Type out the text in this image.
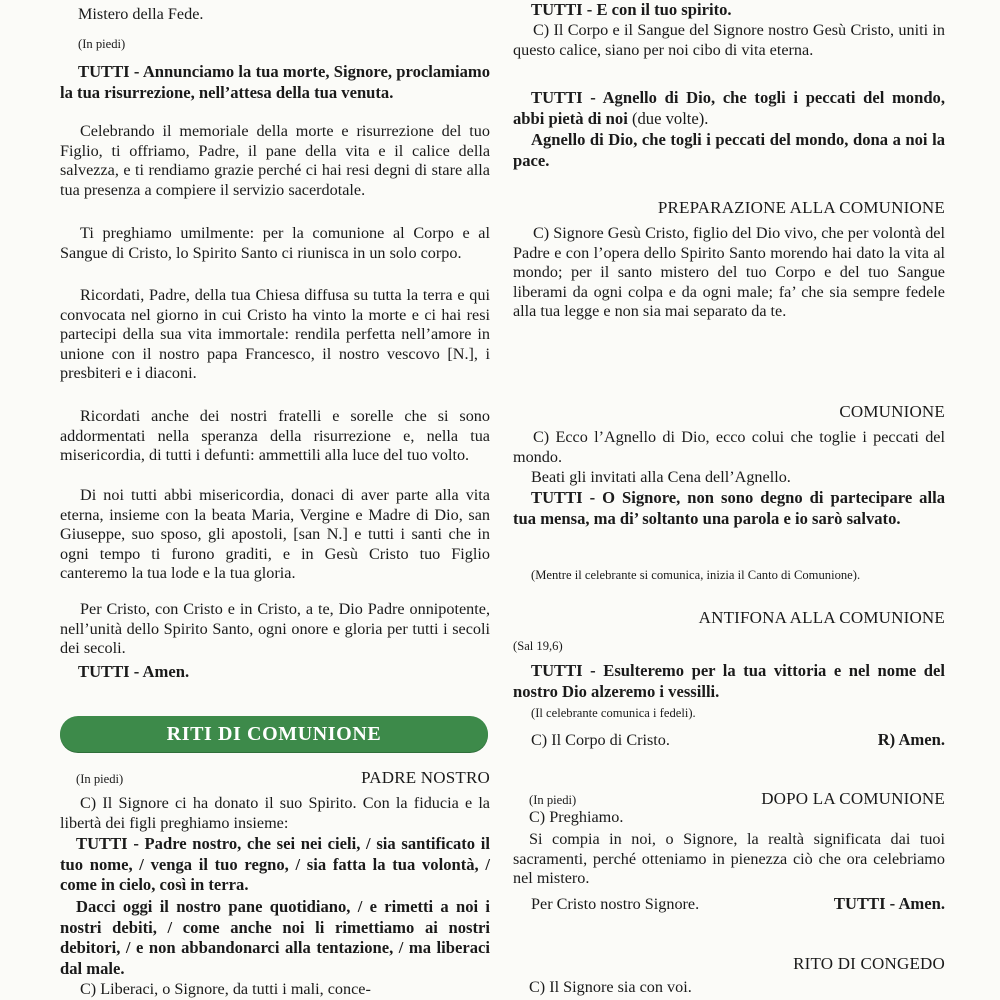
Mistero della Fede.

(In piedi)

TUTTI - Annunciamo la tua morte, Signore, proclamiamo la tua risurrezione, nell’attesa della tua venuta.

Celebrando il memoriale della morte e risurrezione del tuo Figlio, ti offriamo, Padre, il pane della vita e il calice della salvezza, e ti rendiamo grazie perché ci hai resi degni di stare alla tua presenza a compiere il servizio sacerdotale.

Ti preghiamo umilmente: per la comunione al Corpo e al Sangue di Cristo, lo Spirito Santo ci riunisca in un solo corpo.

Ricordati, Padre, della tua Chiesa diffusa su tutta la terra e qui convocata nel giorno in cui Cristo ha vinto la morte e ci hai resi partecipi della sua vita immortale: rendila perfetta nell’amore in unione con il nostro papa Francesco, il nostro vescovo [N.], i presbiteri e i diaconi.

Ricordati anche dei nostri fratelli e sorelle che si sono addormentati nella speranza della risurrezione e, nella tua misericordia, di tutti i defunti: ammettili alla luce del tuo volto.

Di noi tutti abbi misericordia, donaci di aver parte alla vita eterna, insieme con la beata Maria, Vergine e Madre di Dio, san Giuseppe, suo sposo, gli apostoli, [san N.] e tutti i santi che in ogni tempo ti furono graditi, e in Gesù Cristo tuo Figlio canteremo la tua lode e la tua gloria.

Per Cristo, con Cristo e in Cristo, a te, Dio Padre onnipotente, nell’unità dello Spirito Santo, ogni onore e gloria per tutti i secoli dei secoli.

TUTTI - Amen.

RITI DI COMUNIONE
(In piedi)	PADRE NOSTRO

C) Il Signore ci ha donato il suo Spirito. Con la fiducia e la libertà dei figli preghiamo insieme:

TUTTI - Padre nostro, che sei nei cieli, / sia santificato il tuo nome, / venga il tuo regno, / sia fatta la tua volontà, / come in cielo, così in terra.

Dacci oggi il nostro pane quotidiano, / e rimetti a noi i nostri debiti, / come anche noi li rimettiamo ai nostri debitori, / e non abbandonarci alla tentazione, / ma liberaci dal male.

C) Liberaci, o Signore, da tutti i mali, conce-

TUTTI - E con il tuo spirito.

C) Il Corpo e il Sangue del Signore nostro Gesù Cristo, uniti in questo calice, siano per noi cibo di vita eterna.

TUTTI - Agnello di Dio, che togli i peccati del mondo, abbi pietà di noi (due volte).

Agnello di Dio, che togli i peccati del mondo, dona a noi la pace.

PREPARAZIONE ALLA COMUNIONE

C) Signore Gesù Cristo, figlio del Dio vivo, che per volontà del Padre e con l’opera dello Spirito Santo morendo hai dato la vita al mondo; per il santo mistero del tuo Corpo e del tuo Sangue liberami da ogni colpa e da ogni male; fa’ che sia sempre fedele alla tua legge e non sia mai separato da te.

COMUNIONE

C) Ecco l’Agnello di Dio, ecco colui che toglie i peccati del mondo.

Beati gli invitati alla Cena dell’Agnello.

TUTTI - O Signore, non sono degno di partecipare alla tua mensa, ma di’ soltanto una parola e io sarò salvato.

(Mentre il celebrante si comunica, inizia il Canto di Comunione).

ANTIFONA ALLA COMUNIONE

(Sal 19,6)

TUTTI - Esulteremo per la tua vittoria e nel nome del nostro Dio alzeremo i vessilli.

(Il celebrante comunica i fedeli).

C) Il Corpo di Cristo.	R) Amen.
(In piedi)	DOPO LA COMUNIONE

C) Preghiamo.

Si compia in noi, o Signore, la realtà significata dai tuoi sacramenti, perché otteniamo in pienezza ciò che ora celebriamo nel mistero.

Per Cristo nostro Signore.	TUTTI - Amen.

RITO DI CONGEDO

C) Il Signore sia con voi.
